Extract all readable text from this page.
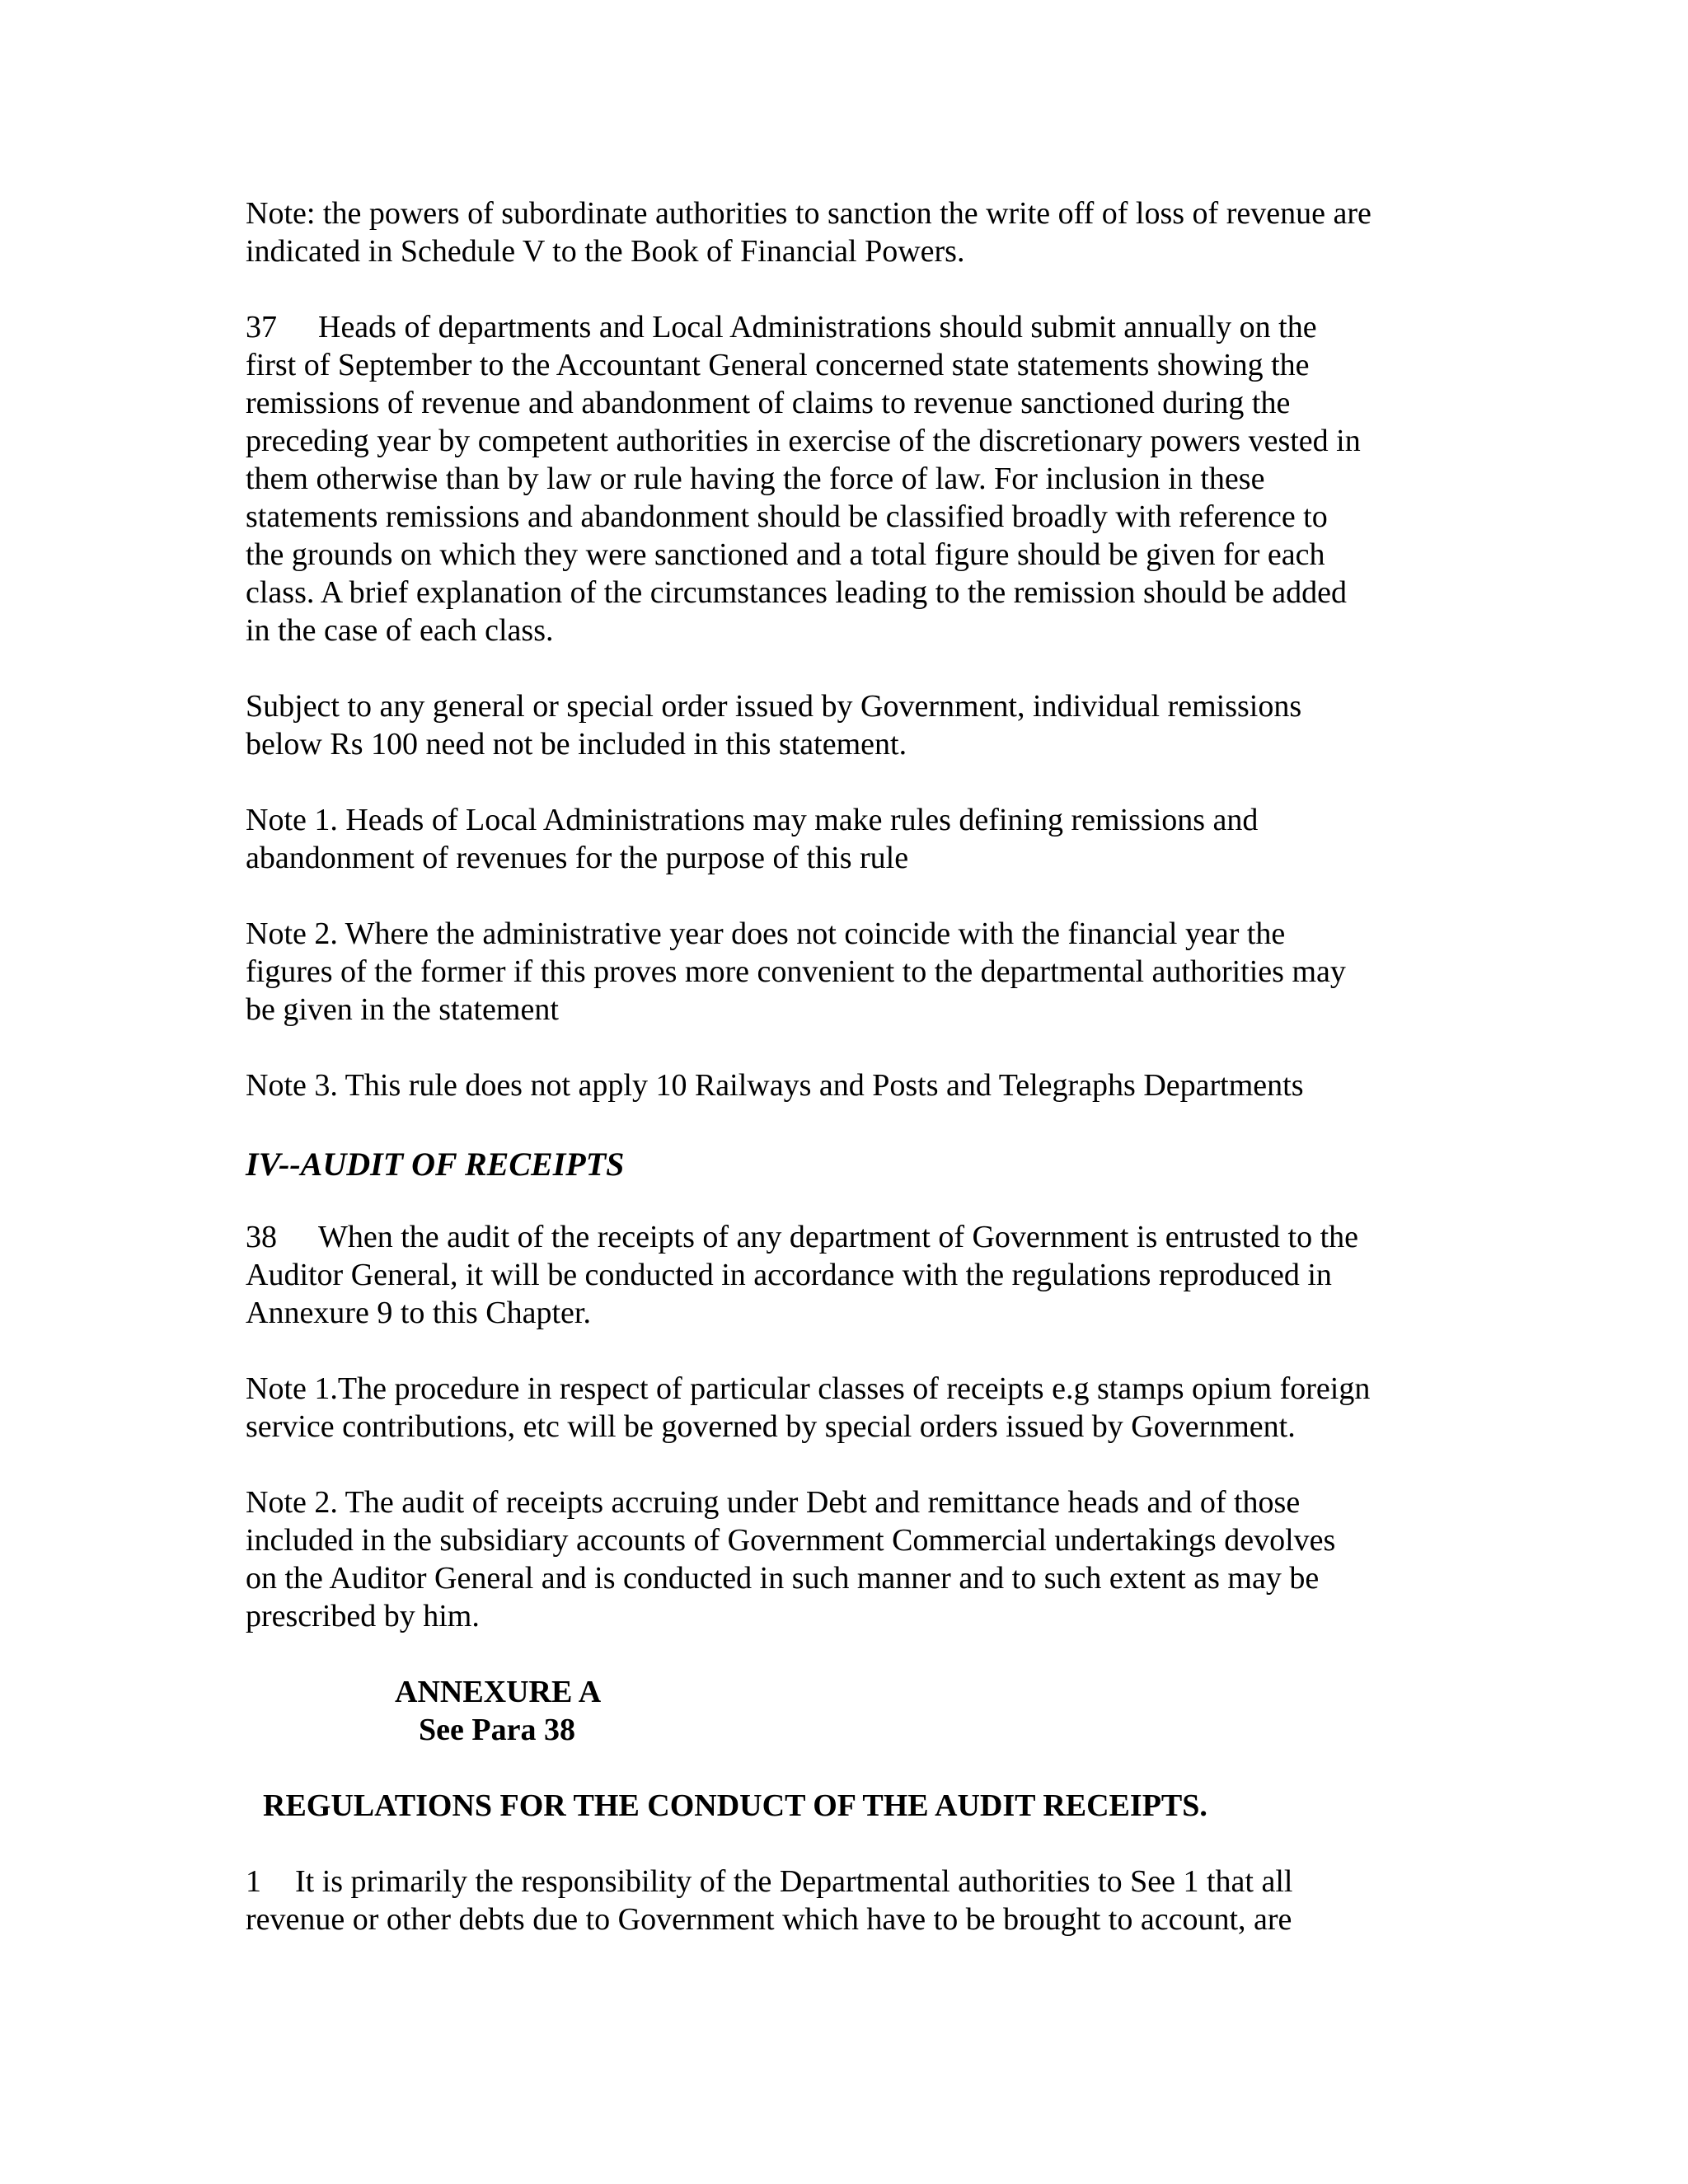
Note: the powers of subordinate authorities to sanction the write off of loss of revenue are
indicated in Schedule V to the Book of Financial Powers.

37 Heads of departments and Local Administrations should submit annually on the
first of September to the Accountant General concerned state statements showing the
remissions of revenue and abandonment of claims to revenue sanctioned during the
preceding year by competent authorities in exercise of the discretionary powers vested in
them otherwise than by law or rule having the force of law. For inclusion in these
statements remissions and abandonment should be classified broadly with reference to
the grounds on which they were sanctioned and a total figure should be given for each
class. A brief explanation of the circumstances leading to the remission should be added
in the case of each class.

Subject to any general or special order issued by Government, individual remissions
below Rs 100 need not be included in this statement.

Note 1. Heads of Local Administrations may make rules defining remissions and
abandonment of revenues for the purpose of this rule

Note 2. Where the administrative year does not coincide with the financial year the
figures of the former if this proves more convenient to the departmental authorities may
be given in the statement

Note 3. This rule does not apply 10 Railways and Posts and Telegraphs Departments

IV--AUDIT OF RECEIPTS

38 When the audit of the receipts of any department of Government is entrusted to the
Auditor General, it will be conducted in accordance with the regulations reproduced in
Annexure 9 to this Chapter.

Note 1.The procedure in respect of particular classes of receipts e.g stamps opium foreign
service contributions, etc will be governed by special orders issued by Government.

Note 2. The audit of receipts accruing under Debt and remittance heads and of those
included in the subsidiary accounts of Government Commercial undertakings devolves
on the Auditor General and is conducted in such manner and to such extent as may be
prescribed by him.

ANNEXURE A

See Para 38

REGULATIONS FOR THE CONDUCT OF THE AUDIT RECEIPTS.

1 It is primarily the responsibility of the Departmental authorities to See 1 that all
revenue or other debts due to Government which have to be brought to account, are
